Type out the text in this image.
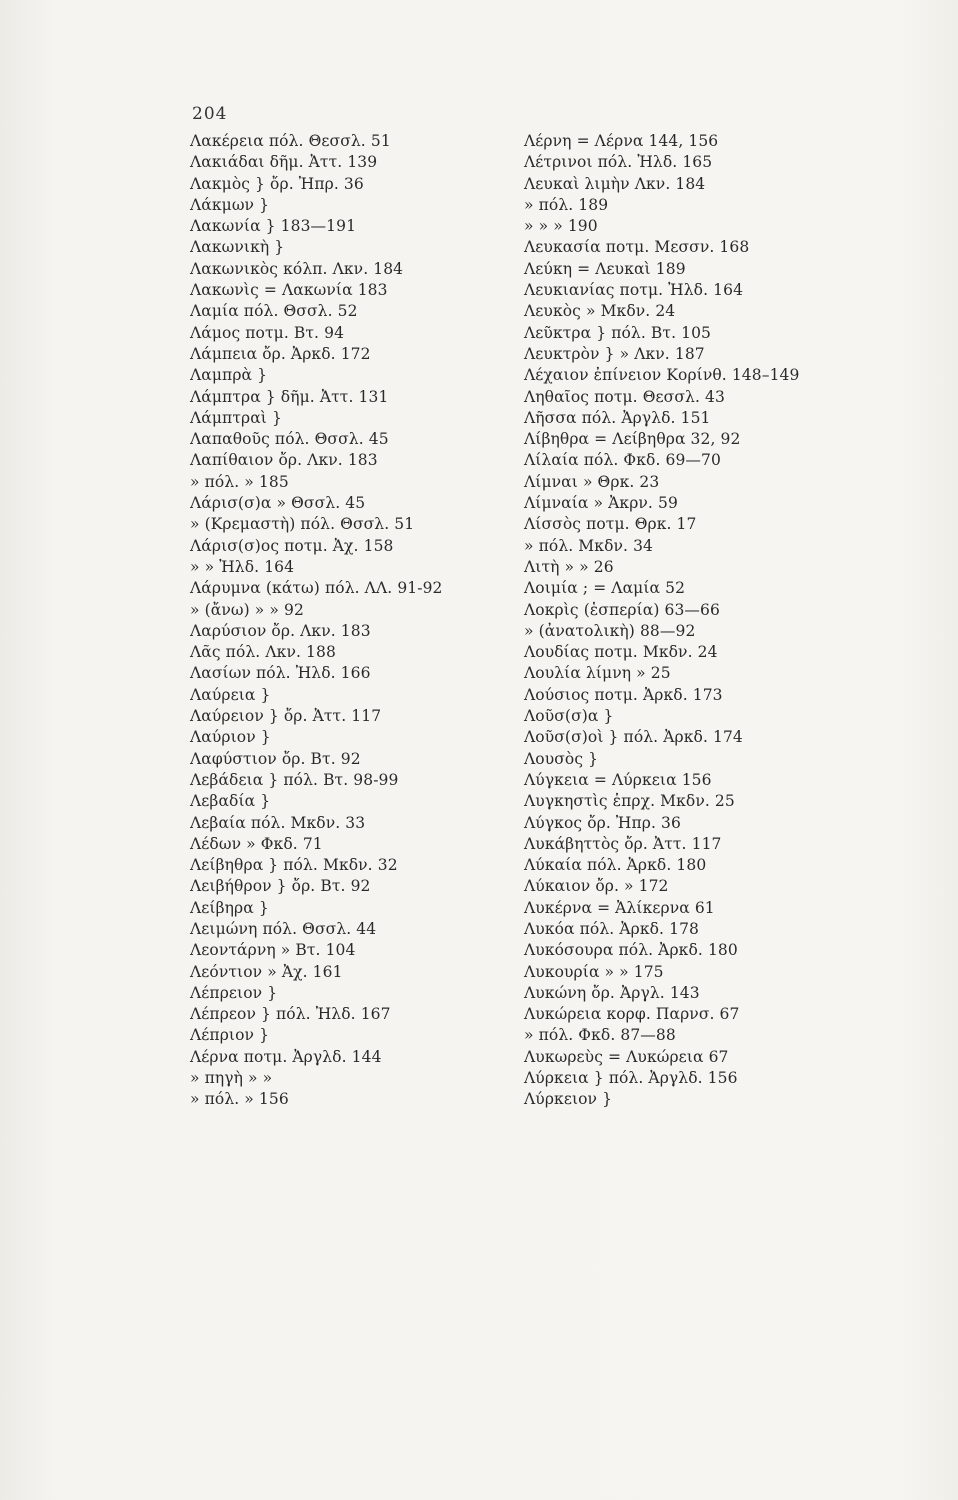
204
Λακέρεια πόλ. Θεσσλ. 51
Λακιάδαι δῆμ. Ἀττ. 139
Λακμὸς } ὄρ. Ἠπρ. 36
Λάκμων }
Λακωνία } 183—191
Λακωνικὴ }
Λακωνικὸς κόλπ. Λκν. 184
Λακωνὶς = Λακωνία 183
Λαμία πόλ. Θσσλ. 52
Λάμος ποτμ. Βτ. 94
Λάμπεια ὄρ. Ἀρκδ. 172
Λαμπρὰ }
Λάμπτρα } δῆμ. Ἀττ. 131
Λάμπτραὶ }
Λαπαθοῦς πόλ. Θσσλ. 45
Λαπίθαιον ὄρ. Λκν. 183
» πόλ. » 185
Λάρισ(σ)α » Θσσλ. 45
» (Κρεμαστὴ) πόλ. Θσσλ. 51
Λάρισ(σ)ος ποτμ. Ἀχ. 158
» » Ἠλδ. 164
Λάρυμνα (κάτω) πόλ. ΛΛ. 91-92
» (ἄνω) » » 92
Λαρύσιον ὄρ. Λκν. 183
Λᾶς πόλ. Λκν. 188
Λασίων πόλ. Ἠλδ. 166
Λαύρεια }
Λαύρειον } ὄρ. Ἀττ. 117
Λαύριον }
Λαφύστιον ὄρ. Βτ. 92
Λεβάδεια } πόλ. Βτ. 98-99
Λεβαδία }
Λεβαία πόλ. Μκδν. 33
Λέδων » Φκδ. 71
Λείβηθρα } πόλ. Μκδν. 32
Λειβήθρον } ὄρ. Βτ. 92
Λείβηρα }
Λειμώνη πόλ. Θσσλ. 44
Λεοντάρνη » Βτ. 104
Λεόντιον » Ἀχ. 161
Λέπρειον }
Λέπρεον } πόλ. Ἠλδ. 167
Λέπριον }
Λέρνα ποτμ. Ἀργλδ. 144
» πηγὴ » »
» πόλ. » 156
Λέρνη = Λέρνα 144, 156
Λέτρινοι πόλ. Ἠλδ. 165
Λευκαὶ λιμὴν Λκν. 184
» πόλ. 189
» » » 190
Λευκασία ποτμ. Μεσσν. 168
Λεύκη = Λευκαὶ 189
Λευκιανίας ποτμ. Ἠλδ. 164
Λευκὸς » Μκδν. 24
Λεῦκτρα } πόλ. Βτ. 105
Λευκτρὸν } » Λκν. 187
Λέχαιον ἐπίνειον Κορίνθ. 148–149
Ληθαῖος ποτμ. Θεσσλ. 43
Λῆσσα πόλ. Ἀργλδ. 151
Λίβηθρα = Λείβηθρα 32, 92
Λίλαία πόλ. Φκδ. 69—70
Λίμναι » Θρκ. 23
Λίμναία » Ἀκρν. 59
Λίσσὸς ποτμ. Θρκ. 17
» πόλ. Μκδν. 34
Λιτὴ » » 26
Λοιμία ; = Λαμία 52
Λοκρὶς (ἑσπερία) 63—66
» (ἀνατολικὴ) 88—92
Λουδίας ποτμ. Μκδν. 24
Λουλία λίμνη » 25
Λούσιος ποτμ. Ἀρκδ. 173
Λοῦσ(σ)α }
Λοῦσ(σ)οὶ } πόλ. Ἀρκδ. 174
Λουσὸς }
Λύγκεια = Λύρκεια 156
Λυγκηστὶς ἐπρχ. Μκδν. 25
Λύγκος ὄρ. Ἠπρ. 36
Λυκάβηττὸς ὄρ. Ἀττ. 117
Λύκαία πόλ. Ἀρκδ. 180
Λύκαιον ὄρ. » 172
Λυκέρνα = Ἀλίκερνα 61
Λυκόα πόλ. Ἀρκδ. 178
Λυκόσουρα πόλ. Ἀρκδ. 180
Λυκουρία » » 175
Λυκώνη ὄρ. Ἀργλ. 143
Λυκώρεια κορφ. Παρνσ. 67
» πόλ. Φκδ. 87—88
Λυκωρεὺς = Λυκώρεια 67
Λύρκεια } πόλ. Ἀργλδ. 156
Λύρκειον }
